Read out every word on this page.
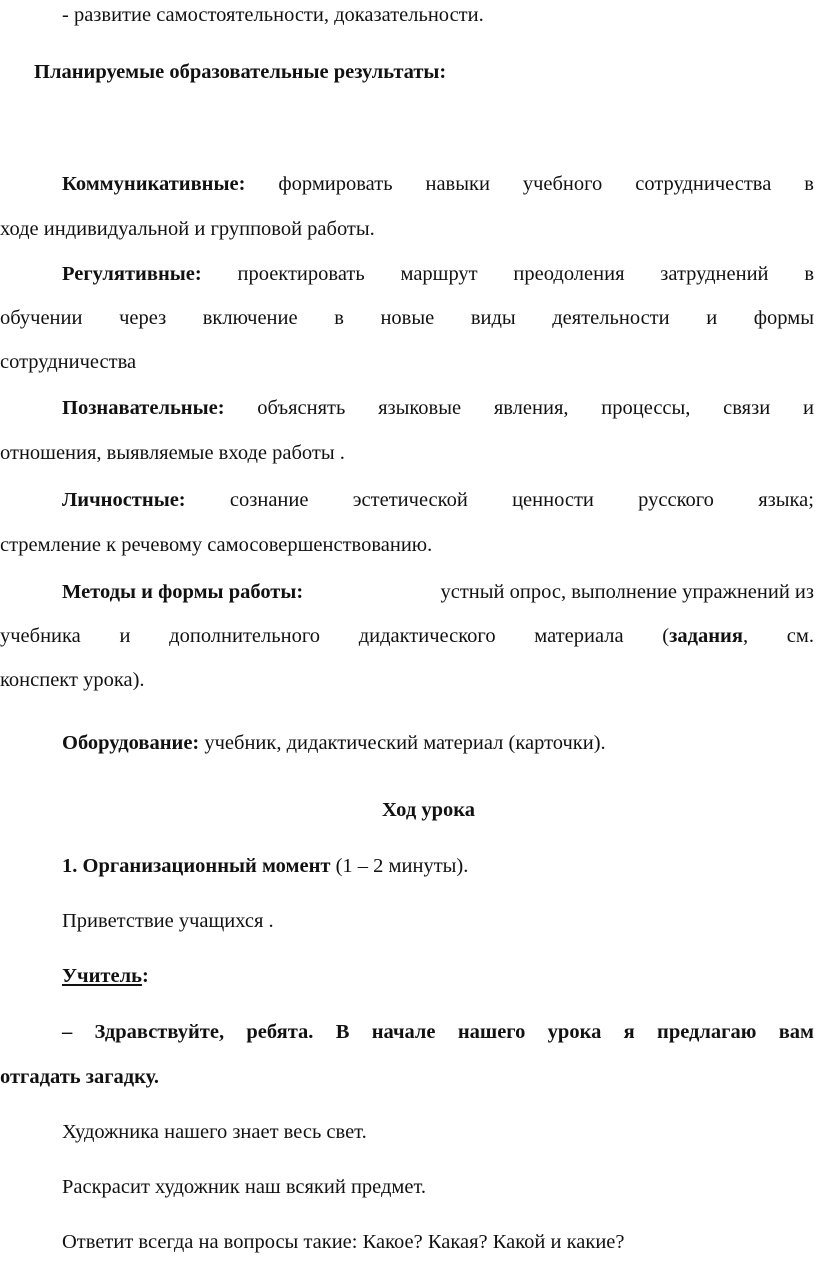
- развитие самостоятельности, доказательности.
Планируемые образовательные результаты:
Коммуникативные: формировать навыки учебного сотрудничества в
ходе индивидуальной и групповой работы.
Регулятивные: проектировать маршрут преодоления затруднений в
обучении через включение в новые виды деятельности и формы
сотрудничества
Познавательные: объяснять языковые явления, процессы, связи и
отношения, выявляемые входе работы .
Личностные: сознание эстетической ценности русского языка;
стремление к речевому самосовершенствованию.
Методы и формы работы:	устный опрос, выполнение упражнений из
учебника и дополнительного дидактического материала (задания, см.
конспект урока).
Оборудование: учебник, дидактический материал (карточки).
Ход урока
1. Организационный момент (1 – 2 минуты).
Приветствие учащихся .
Учитель:
– Здравствуйте, ребята. В начале нашего урока я предлагаю вам
отгадать загадку.
Художника нашего знает весь свет.
Раскрасит художник наш всякий предмет.
Ответит всегда на вопросы такие: Какое? Какая? Какой и какие?
